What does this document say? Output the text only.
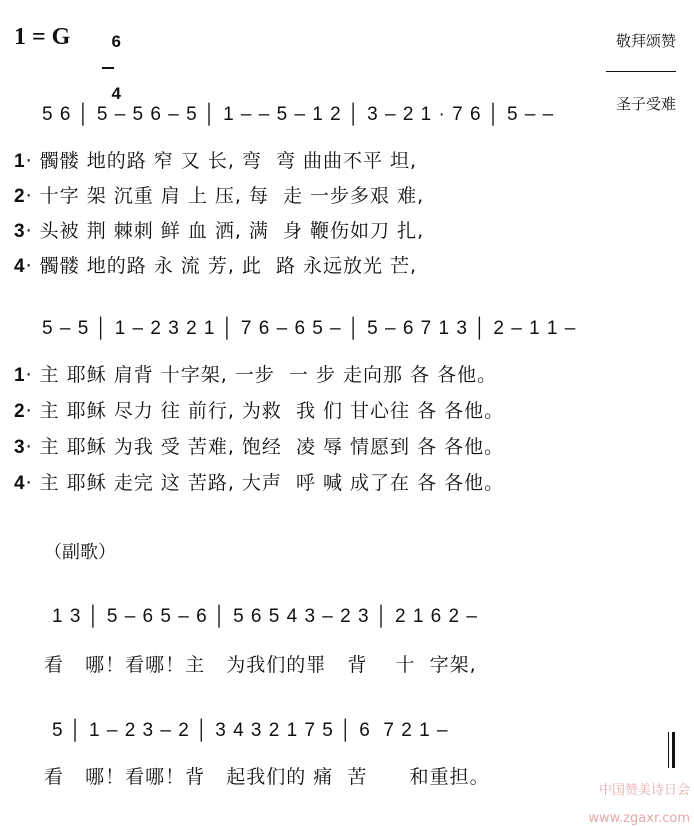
1 = G	6

4

敬拜颂赞

圣子受难

5 6 │ 5 – 5 6 – 5 │ 1 – – 5 – 1 2 │ 3 – 2 1 · 7 6 │ 5 – –
1· 髑髅 地的路 窄 又 长, 弯  弯 曲曲不平 坦,
2· 十字 架 沉重 肩 上 压, 每  走 一步多艰 难,
3· 头被 荆 棘刺 鲜 血 洒, 满  身 鞭伤如刀 扎,
4· 髑髅 地的路 永 流 芳, 此  路 永远放光 芒,
5 – 5 │ 1 – 2 3 2 1 │ 7 6 – 6 5 – │ 5 – 6 7 1 3 │ 2 – 1 1 –
1· 主 耶稣 肩背 十字架, 一步  一 步 走向那 各 各他。
2· 主 耶稣 尽力 往 前行, 为救  我 们 甘心往 各 各他。
3· 主 耶稣 为我 受 苦难, 饱经  凌 辱 情愿到 各 各他。
4· 主 耶稣 走完 这 苦路, 大声  呼 喊 成了在 各 各他。
（副歌）
1 3 │ 5 – 6 5 – 6 │ 5 6 5 4 3 – 2 3 │ 2 1 6 2 –
看   哪！看哪！主   为我们的罪   背    十  字架,
5 │ 1 – 2 3 – 2 │ 3 4 3 2 1 7 5 │ 6  7 2 1 –
看   哪！看哪！背   起我们的 痛  苦      和重担。

中国赞美诗日会

www.zgaxr.com
